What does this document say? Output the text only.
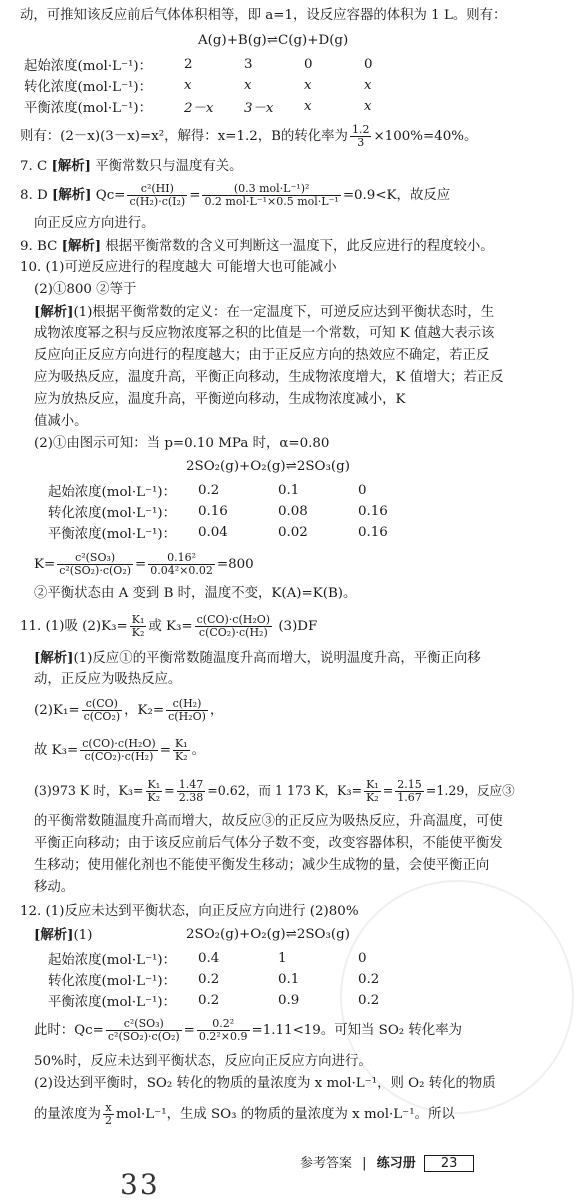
动，可推知该反应前后气体体积相等，即 a=1，设反应容器的体积为 1 L。则有：
A(g)+B(g)⇌C(g)+D(g)
起始浓度(mol·L⁻¹)：	2	3	0	0
转化浓度(mol·L⁻¹)：	x	x	x	x
平衡浓度(mol·L⁻¹)：	2－x	3－x	x	x
则有：(2－x)(3－x)=x²，解得：x=1.2，B的转化率为 $\frac{1.2}{3} \times 100\%=40\%$。
7. C [解析] 平衡常数只与温度有关。
8. D [解析] $Qc= \frac{\text{c²(HI)}}{\text{c(H₂)·c(I₂)}} = \frac{\text{(0.3 mol·L⁻¹)²}}{\text{0.2 mol·L⁻¹×0.5 mol·L⁻¹}} =0.9<K$，故反应
向正反应方向进行。
9. BC [解析] 根据平衡常数的含义可判断这一温度下，此反应进行的程度较小。
10. (1)可逆反应进行的程度越大 可能增大也可能减小
(2)①800 ②等于
[解析](1)根据平衡常数的定义：在一定温度下，可逆反应达到平衡状态时，生
成物浓度幂之积与反应物浓度幂之积的比值是一个常数，可知 K 值越大表示该
反应向正反应方向进行的程度越大；由于正反应方向的热效应不确定，若正反
应为吸热反应，温度升高，平衡正向移动，生成物浓度增大，K 值增大；若正反
应为放热反应，温度升高，平衡逆向移动，生成物浓度减小，K
值减小。
(2)①由图示可知：当 p=0.10 MPa 时，α=0.80
2SO₂(g)+O₂(g)⇌2SO₃(g)
起始浓度(mol·L⁻¹)：	0.2	0.1	0
转化浓度(mol·L⁻¹)：	0.16	0.08	0.16
平衡浓度(mol·L⁻¹)：	0.04	0.02	0.16
$K= \frac{\text{c²(SO₃)}}{\text{c²(SO₂)·c(O₂)}} = \frac{\text{0.16²}}{\text{0.04²×0.02}} =800$
②平衡状态由 A 变到 B 时，温度不变，K(A)=K(B)。
11. (1)吸 $(2)K_3= \frac{\text{K₁}}{\text{K₂}}$ 或 $K_3= \frac{\text{c(CO)·c(H₂O)}}{\text{c(CO₂)·c(H₂)}} (3)DF$
[解析](1)反应①的平衡常数随温度升高而增大，说明温度升高，平衡正向移
动，正反应为吸热反应。
$(2)K_1= \frac{c(CO)}{\text{c(CO₂)}}$ ，$K_2= \frac{\text{c(H₂)}}{\text{c(H₂O)}}$ ，
故 $K_3= \frac{\text{c(CO)·c(H₂O)}}{\text{c(CO₂)·c(H₂)}} = \frac{\text{K₁}}{\text{K₂}}$ 。
(3)973 K 时，$K_3= \frac{\text{K₁}}{\text{K₂}} = \frac{1.47}{2.38} =0.62$，而 1 173 K，$K_3= \frac{\text{K₁}}{\text{K₂}} = \frac{2.15}{1.67} =1.29$，反应③
的平衡常数随温度升高而增大，故反应③的正反应为吸热反应，升高温度，可使
平衡正向移动；由于该反应前后气体分子数不变，改变容器体积，不能使平衡发
生移动；使用催化剂也不能使平衡发生移动；减少生成物的量，会使平衡正向
移动。
12. (1)反应未达到平衡状态，向正反应方向进行 (2)80%
[解析](1)	2SO₂(g)+O₂(g)⇌2SO₃(g)
起始浓度(mol·L⁻¹)：	0.4	1	0
转化浓度(mol·L⁻¹)：	0.2	0.1	0.2
平衡浓度(mol·L⁻¹)：	0.2	0.9	0.2
此时：$Qc= \frac{\text{c²(SO₃)}}{\text{c²(SO₂)·c(O₂)}} = \frac{\text{0.2²}}{\text{0.2²×0.9}} =1.11<19$。可知当 SO₂ 转化率为
50%时，反应未达到平衡状态，反应向正反应方向进行。
(2)设达到平衡时，SO₂ 转化的物质的量浓度为 x mol·L⁻¹，则 O₂ 转化的物质
的量浓度为 $\frac{x}{2} mol\cdot L^{-1}$，生成 SO₃ 的物质的量浓度为 x mol·L⁻¹。所以
参考答案 | 练习册 23
33
